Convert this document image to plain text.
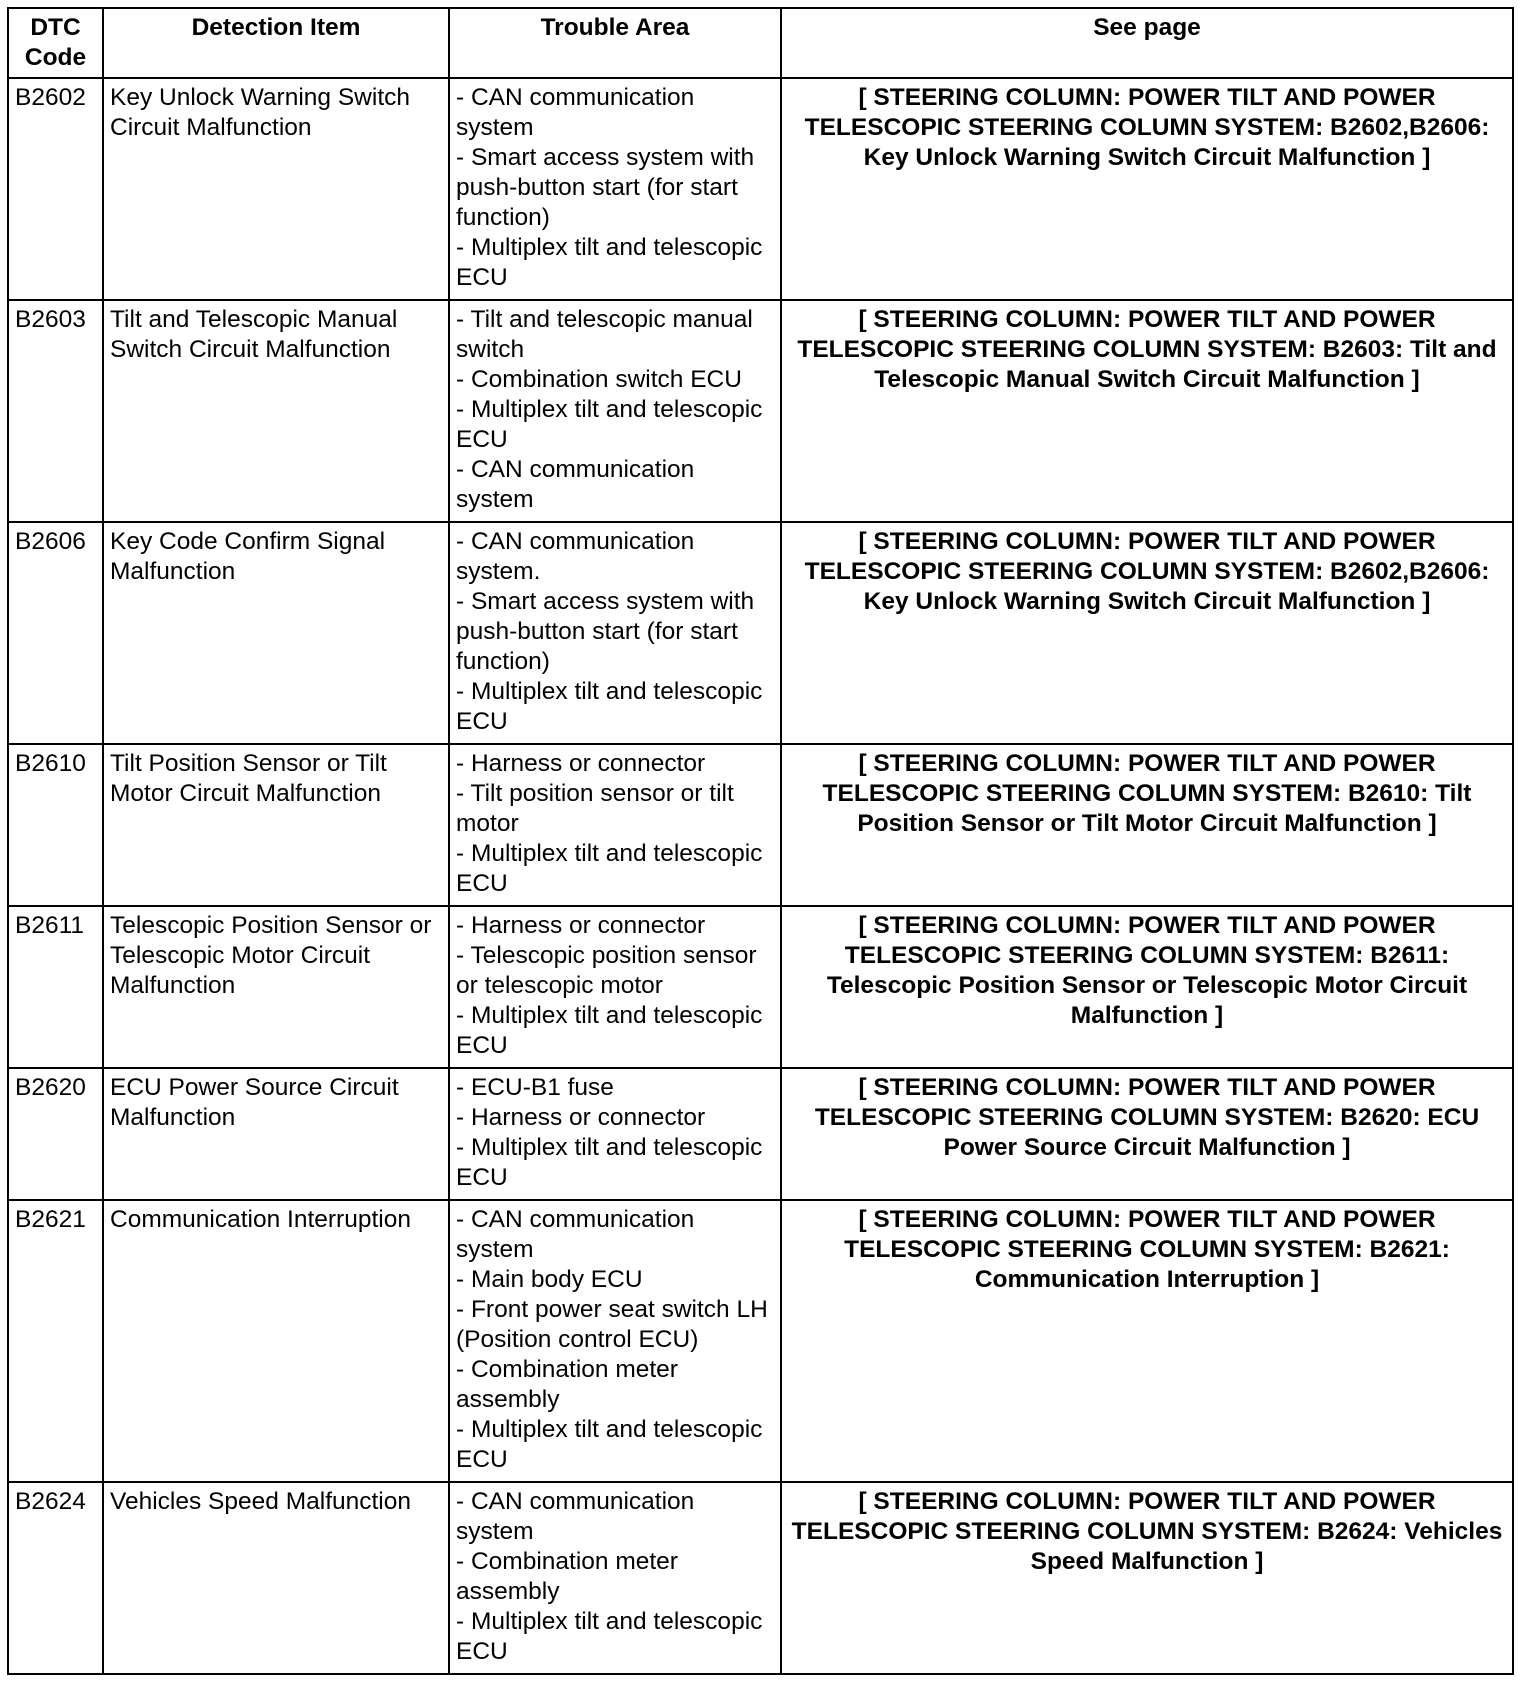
DTC
Code	Detection Item	Trouble Area	See page
B2602	Key Unlock Warning Switch Circuit Malfunction	- CAN communication system
- Smart access system with push-button start (for start function)
- Multiplex tilt and telescopic ECU	[ STEERING COLUMN: POWER TILT AND POWER TELESCOPIC STEERING COLUMN SYSTEM: B2602,B2606: Key Unlock Warning Switch Circuit Malfunction ]
B2603	Tilt and Telescopic Manual Switch Circuit Malfunction	- Tilt and telescopic manual switch
- Combination switch ECU
- Multiplex tilt and telescopic ECU
- CAN communication system	[ STEERING COLUMN: POWER TILT AND POWER TELESCOPIC STEERING COLUMN SYSTEM: B2603: Tilt and Telescopic Manual Switch Circuit Malfunction ]
B2606	Key Code Confirm Signal Malfunction	- CAN communication system.
- Smart access system with push-button start (for start function)
- Multiplex tilt and telescopic ECU	[ STEERING COLUMN: POWER TILT AND POWER TELESCOPIC STEERING COLUMN SYSTEM: B2602,B2606: Key Unlock Warning Switch Circuit Malfunction ]
B2610	Tilt Position Sensor or Tilt Motor Circuit Malfunction	- Harness or connector
- Tilt position sensor or tilt motor
- Multiplex tilt and telescopic ECU	[ STEERING COLUMN: POWER TILT AND POWER TELESCOPIC STEERING COLUMN SYSTEM: B2610: Tilt Position Sensor or Tilt Motor Circuit Malfunction ]
B2611	Telescopic Position Sensor or Telescopic Motor Circuit Malfunction	- Harness or connector
- Telescopic position sensor or telescopic motor
- Multiplex tilt and telescopic ECU	[ STEERING COLUMN: POWER TILT AND POWER TELESCOPIC STEERING COLUMN SYSTEM: B2611: Telescopic Position Sensor or Telescopic Motor Circuit Malfunction ]
B2620	ECU Power Source Circuit Malfunction	- ECU-B1 fuse
- Harness or connector
- Multiplex tilt and telescopic ECU	[ STEERING COLUMN: POWER TILT AND POWER TELESCOPIC STEERING COLUMN SYSTEM: B2620: ECU Power Source Circuit Malfunction ]
B2621	Communication Interruption	- CAN communication system
- Main body ECU
- Front power seat switch LH (Position control ECU)
- Combination meter assembly
- Multiplex tilt and telescopic ECU	[ STEERING COLUMN: POWER TILT AND POWER TELESCOPIC STEERING COLUMN SYSTEM: B2621: Communication Interruption ]
B2624	Vehicles Speed Malfunction	- CAN communication system
- Combination meter assembly
- Multiplex tilt and telescopic ECU	[ STEERING COLUMN: POWER TILT AND POWER TELESCOPIC STEERING COLUMN SYSTEM: B2624: Vehicles Speed Malfunction ]
